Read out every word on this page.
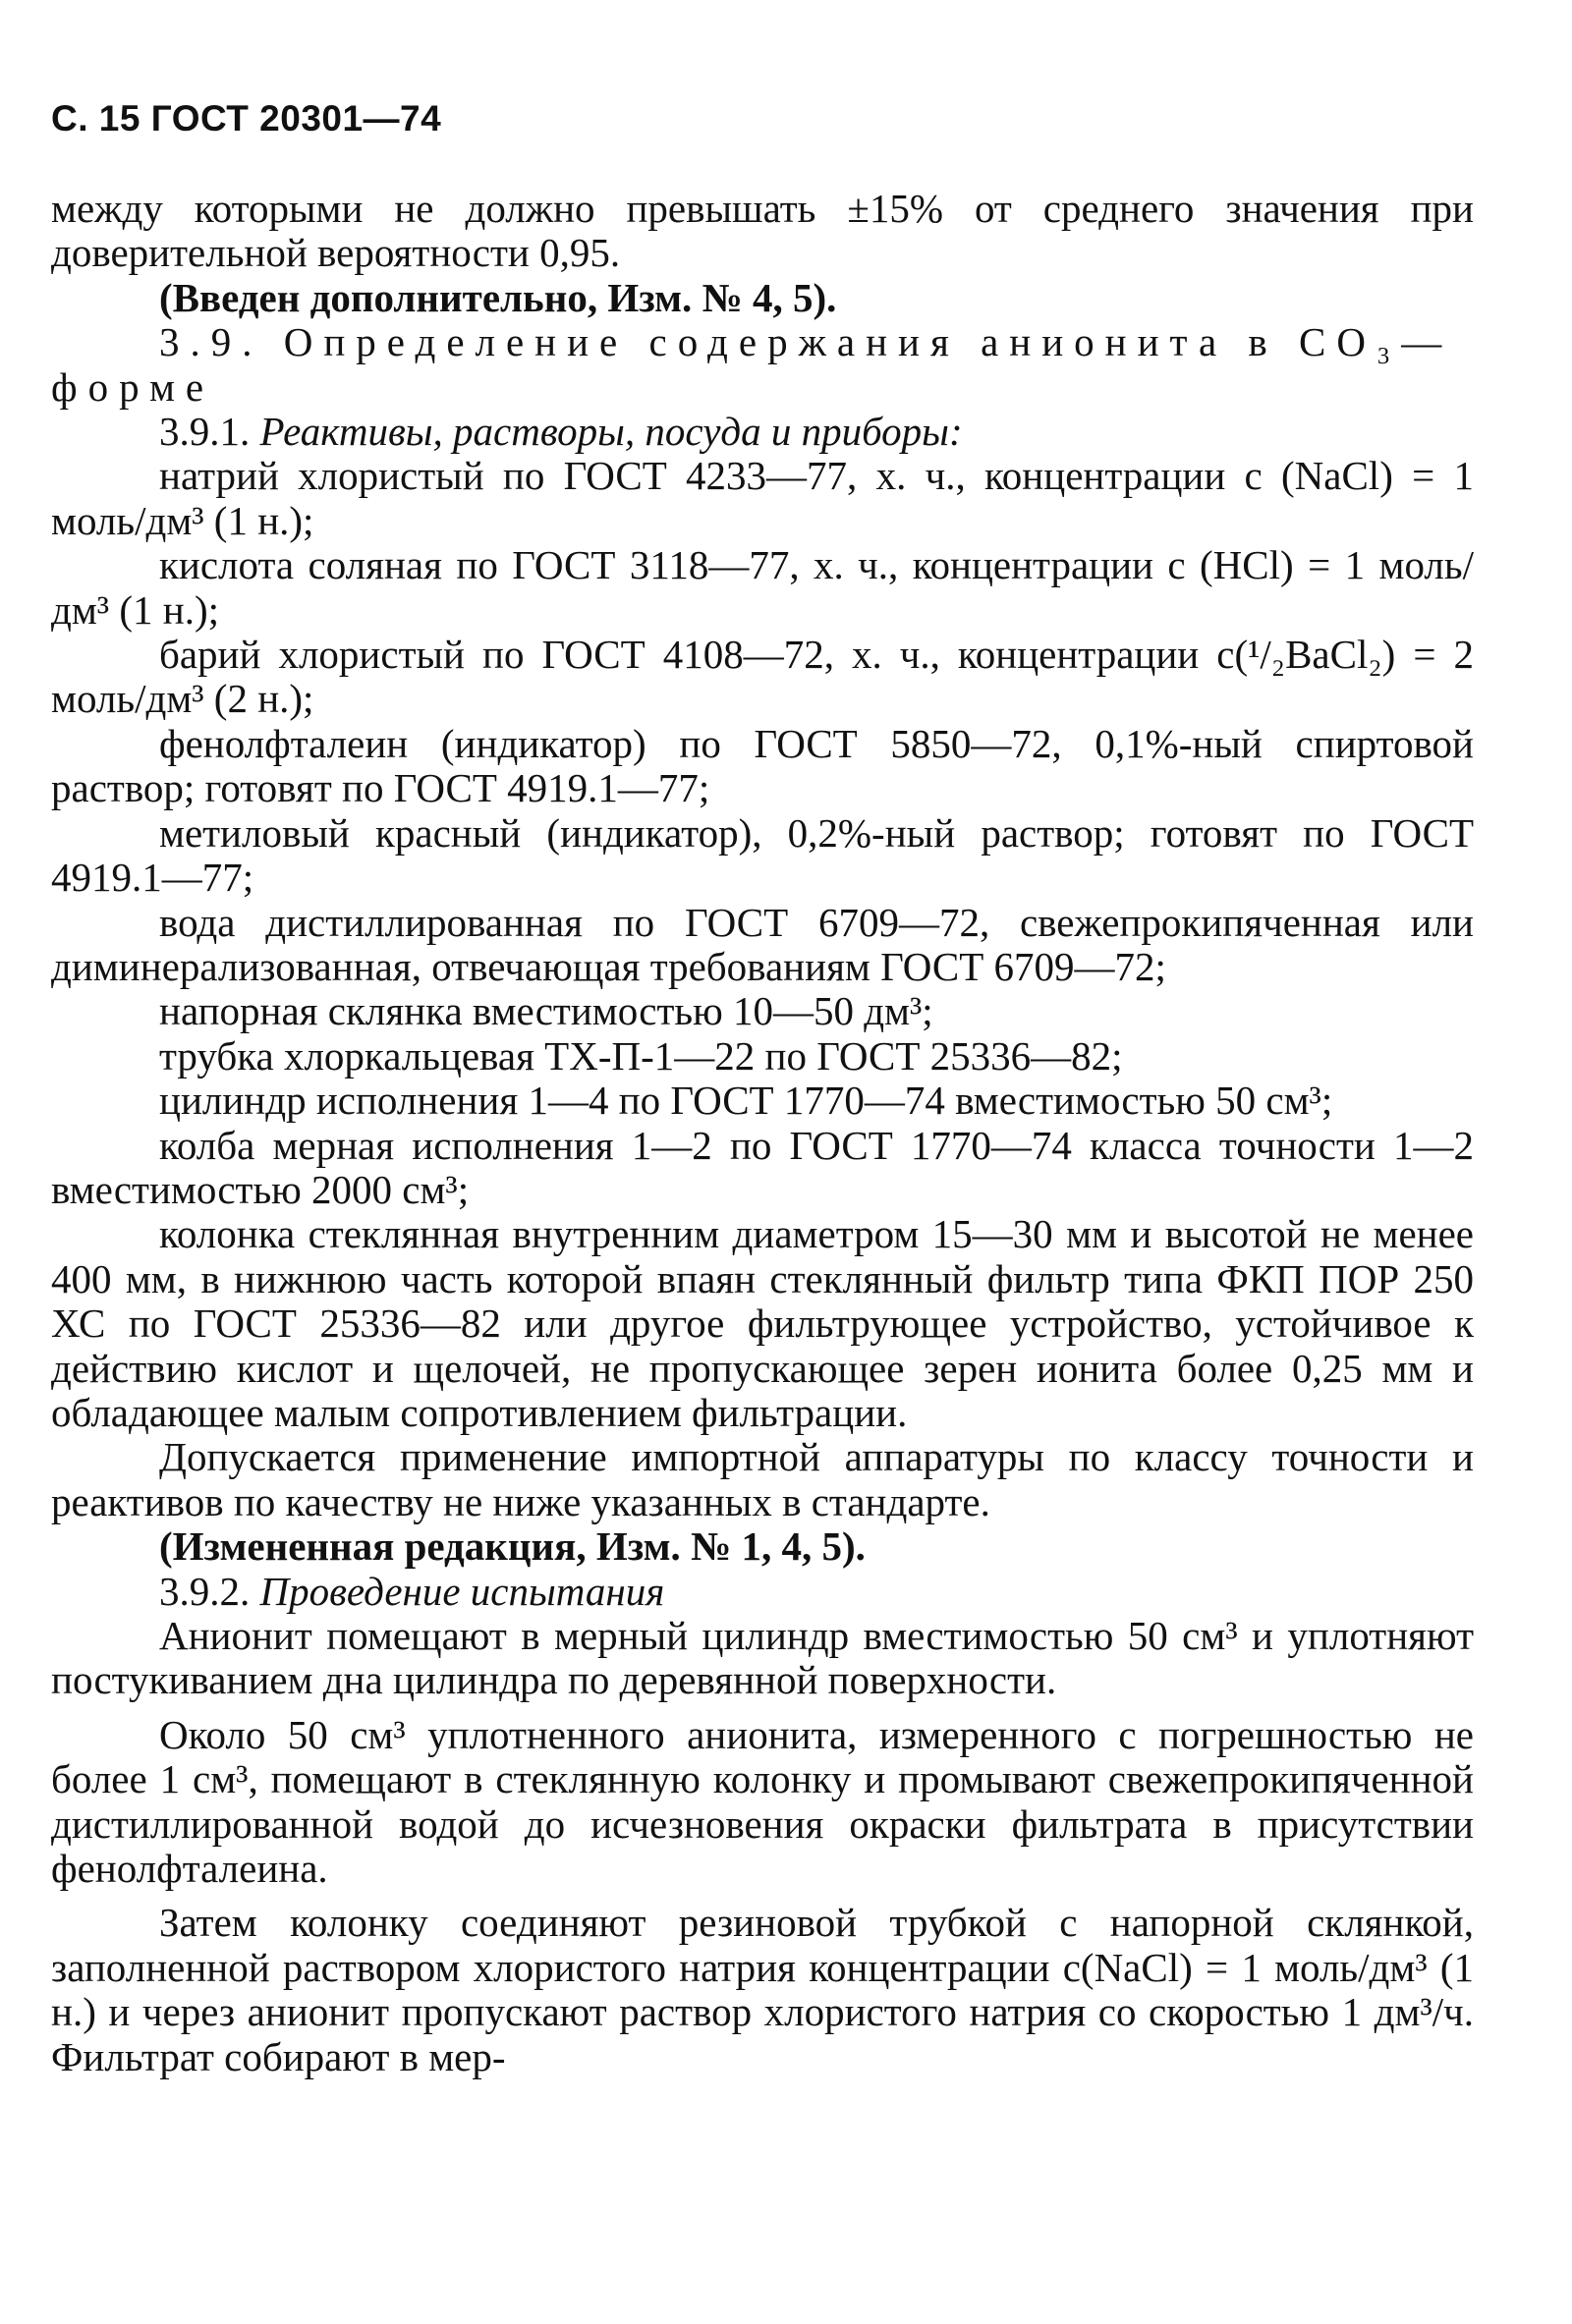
С. 15 ГОСТ 20301—74

между которыми не должно превышать ±15% от среднего значения при доверительной вероятности 0,95.

(Введен дополнительно, Изм. № 4, 5).

3.9. Определение содержания анионита в CO₃—форме

3.9.1. Реактивы, растворы, посуда и приборы:

натрий хлористый по ГОСТ 4233—77, х. ч., концентрации c (NaCl) = 1 моль/дм³ (1 н.);

кислота соляная по ГОСТ 3118—77, х. ч., концентрации с (HCl) = 1 моль/дм³ (1 н.);

барий хлористый по ГОСТ 4108—72, х. ч., концентрации c(¹/₂BaCl₂) = 2 моль/дм³ (2 н.);

фенолфталеин (индикатор) по ГОСТ 5850—72, 0,1%-ный спиртовой раствор; готовят по ГОСТ 4919.1—77;

метиловый красный (индикатор), 0,2%-ный раствор; готовят по ГОСТ 4919.1—77;

вода дистиллированная по ГОСТ 6709—72, свежепрокипяченная или диминерализованная, отвечающая требованиям ГОСТ 6709—72;

напорная склянка вместимостью 10—50 дм³;

трубка хлоркальцевая ТХ-П-1—22 по ГОСТ 25336—82;

цилиндр исполнения 1—4 по ГОСТ 1770—74 вместимостью 50 см³;

колба мерная исполнения 1—2 по ГОСТ 1770—74 класса точности 1—2 вместимостью 2000 см³;

колонка стеклянная внутренним диаметром 15—30 мм и высотой не менее 400 мм, в нижнюю часть которой впаян стеклянный фильтр типа ФКП ПОР 250 ХС по ГОСТ 25336—82 или другое фильтрующее устройство, устойчивое к действию кислот и щелочей, не пропускающее зерен ионита более 0,25 мм и обладающее малым сопротивлением фильтрации.

Допускается применение импортной аппаратуры по классу точности и реактивов по качеству не ниже указанных в стандарте.

(Измененная редакция, Изм. № 1, 4, 5).

3.9.2. Проведение испытания

Анионит помещают в мерный цилиндр вместимостью 50 см³ и уплотняют постукиванием дна цилиндра по деревянной поверхности.

Около 50 см³ уплотненного анионита, измеренного с погрешностью не более 1 см³, помещают в стеклянную колонку и промывают свежепрокипяченной дистиллированной водой до исчезновения окраски фильтрата в присутствии фенолфталеина.

Затем колонку соединяют резиновой трубкой с напорной склянкой, заполненной раствором хлористого натрия концентрации c(NaCl) = 1 моль/дм³ (1 н.) и через анионит пропускают раствор хлористого натрия со скоростью 1 дм³/ч. Фильтрат собирают в мер-
